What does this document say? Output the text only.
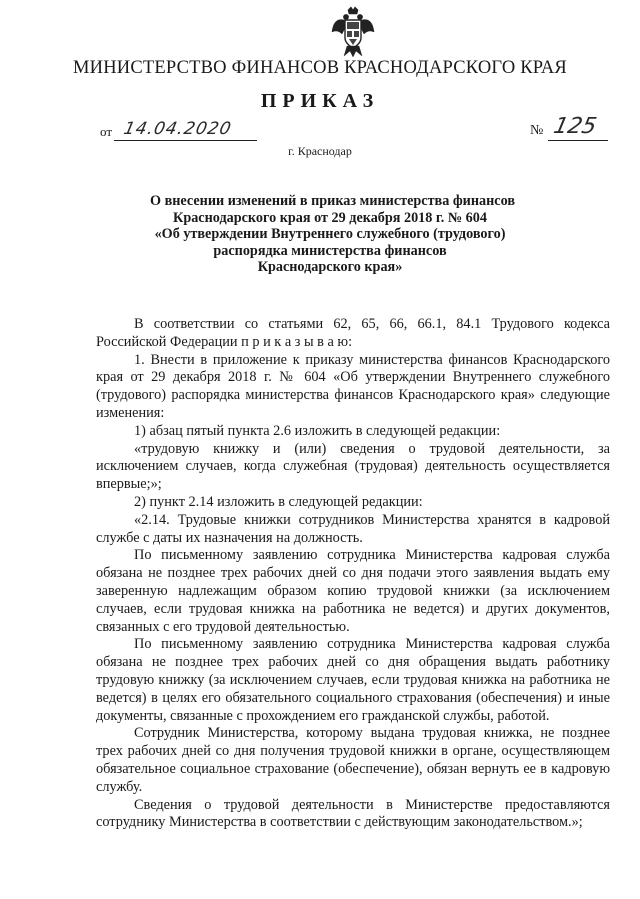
МИНИСТЕРСТВО ФИНАНСОВ КРАСНОДАРСКОГО КРАЯ
ПРИКАЗ
от 14.04.2020	№ 125
г. Краснодар
О внесении изменений в приказ министерства финансов
Краснодарского края от 29 декабря 2018 г. № 604
«Об утверждении Внутреннего служебного (трудового)
распорядка министерства финансов
Краснодарского края»

В соответствии со статьями 62, 65, 66, 66.1, 84.1 Трудового кодекса Российской Федерации п р и к а з ы в а ю:

1. Внести в приложение к приказу министерства финансов Краснодарского края от 29 декабря 2018 г. № 604 «Об утверждении Внутреннего служебного (трудового) распорядка министерства финансов Краснодарского края» следующие изменения:

1) абзац пятый пункта 2.6 изложить в следующей редакции:

«трудовую книжку и (или) сведения о трудовой деятельности, за исключением случаев, когда служебная (трудовая) деятельность осуществляется впервые;»;

2) пункт 2.14 изложить в следующей редакции:

«2.14. Трудовые книжки сотрудников Министерства хранятся в кадровой службе с даты их назначения на должность.

По письменному заявлению сотрудника Министерства кадровая служба обязана не позднее трех рабочих дней со дня подачи этого заявления выдать ему заверенную надлежащим образом копию трудовой книжки (за исключением случаев, если трудовая книжка на работника не ведется) и других документов, связанных с его трудовой деятельностью.

По письменному заявлению сотрудника Министерства кадровая служба обязана не позднее трех рабочих дней со дня обращения выдать работнику трудовую книжку (за исключением случаев, если трудовая книжка на работника не ведется) в целях его обязательного социального страхования (обеспечения) и иные документы, связанные с прохождением его гражданской службы, работой.

Сотрудник Министерства, которому выдана трудовая книжка, не позднее трех рабочих дней со дня получения трудовой книжки в органе, осуществляющем обязательное социальное страхование (обеспечение), обязан вернуть ее в кадровую службу.

Сведения о трудовой деятельности в Министерстве предоставляются сотруднику Министерства в соответствии с действующим законодательством.»;
